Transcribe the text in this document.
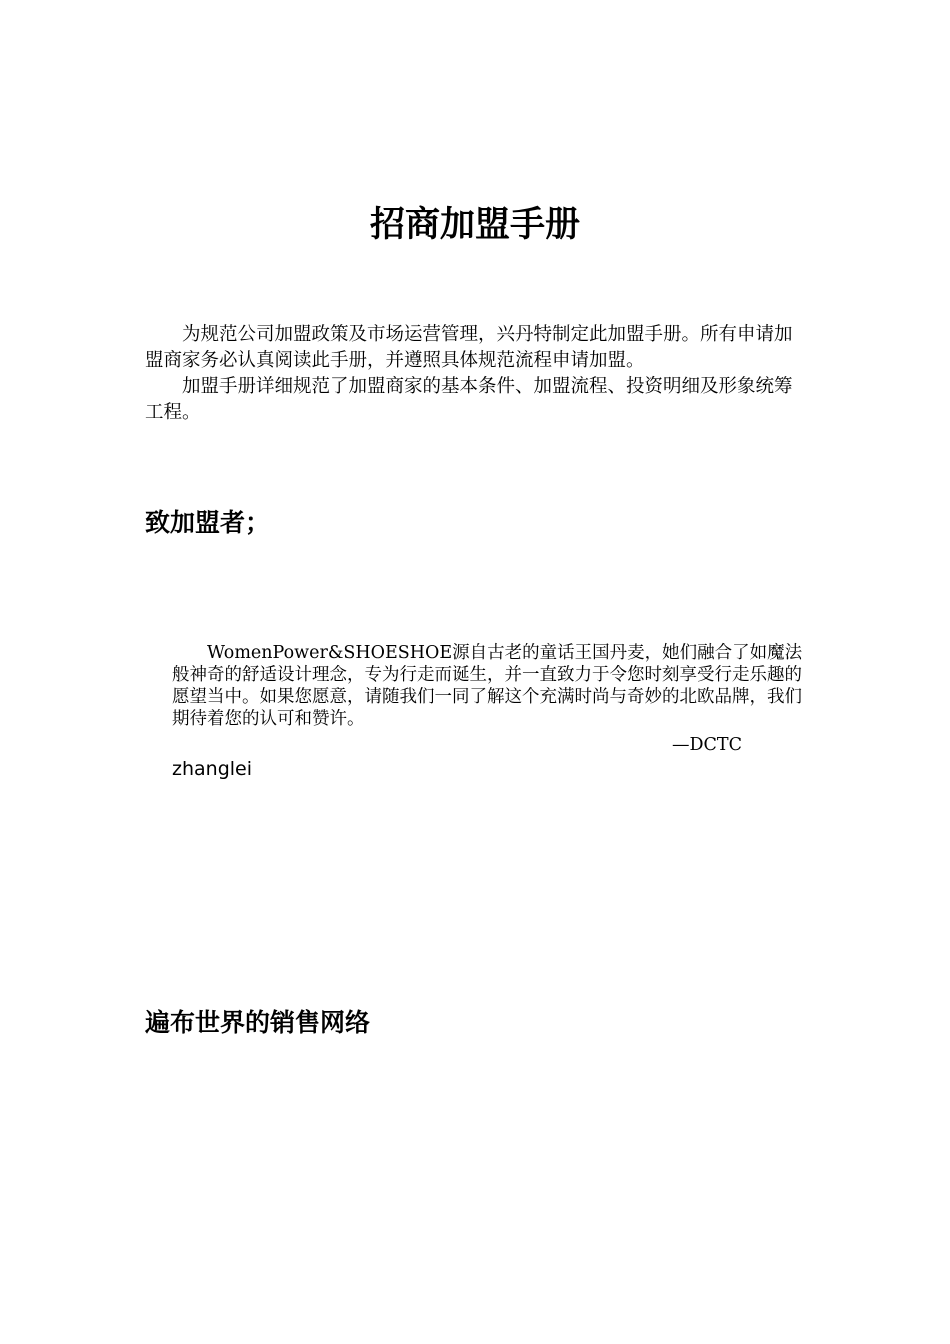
招商加盟手册

为规范公司加盟政策及市场运营管理，兴丹特制定此加盟手册。所有申请加盟商家务必认真阅读此手册，并遵照具体规范流程申请加盟。

加盟手册详细规范了加盟商家的基本条件、加盟流程、投资明细及形象统筹工程。

致加盟者；

WomenPower&SHOESHOE源自古老的童话王国丹麦，她们融合了如魔法般神奇的舒适设计理念，专为行走而诞生，并一直致力于令您时刻享受行走乐趣的愿望当中。如果您愿意，请随我们一同了解这个充满时尚与奇妙的北欧品牌，我们期待着您的认可和赞许。

—DCTC
zhanglei
遍布世界的销售网络
